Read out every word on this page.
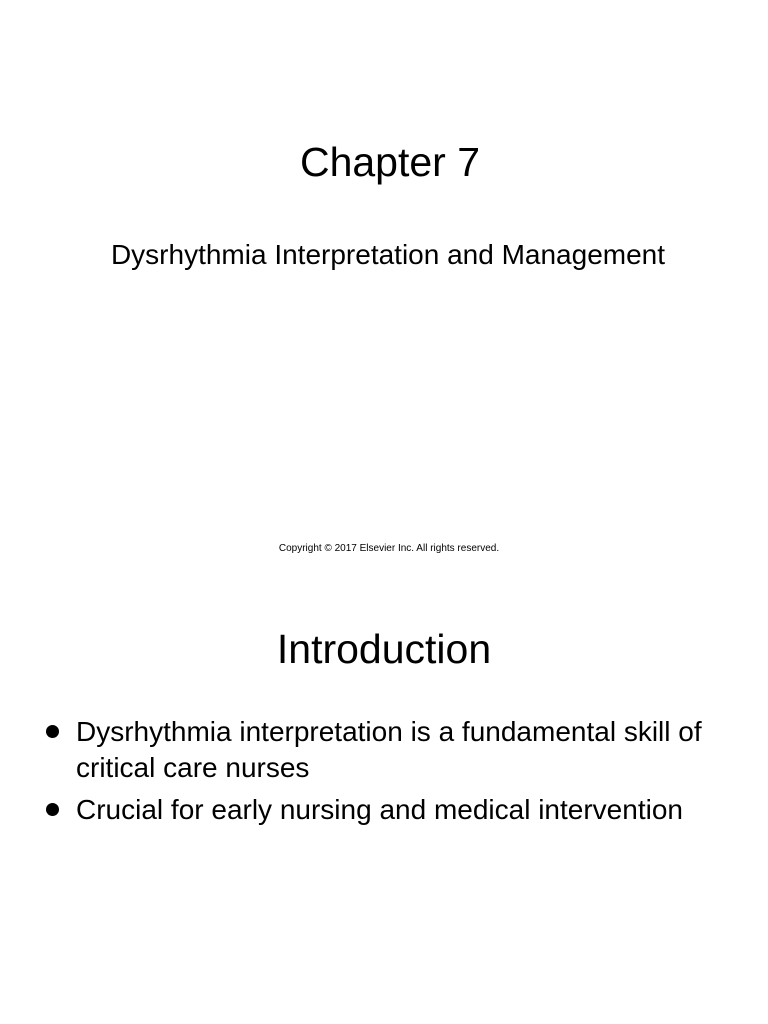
Chapter 7
Dysrhythmia Interpretation and Management
Copyright © 2017 Elsevier Inc. All rights reserved.
Introduction
Dysrhythmia interpretation is a fundamental skill of critical care nurses
Crucial for early nursing and medical intervention
